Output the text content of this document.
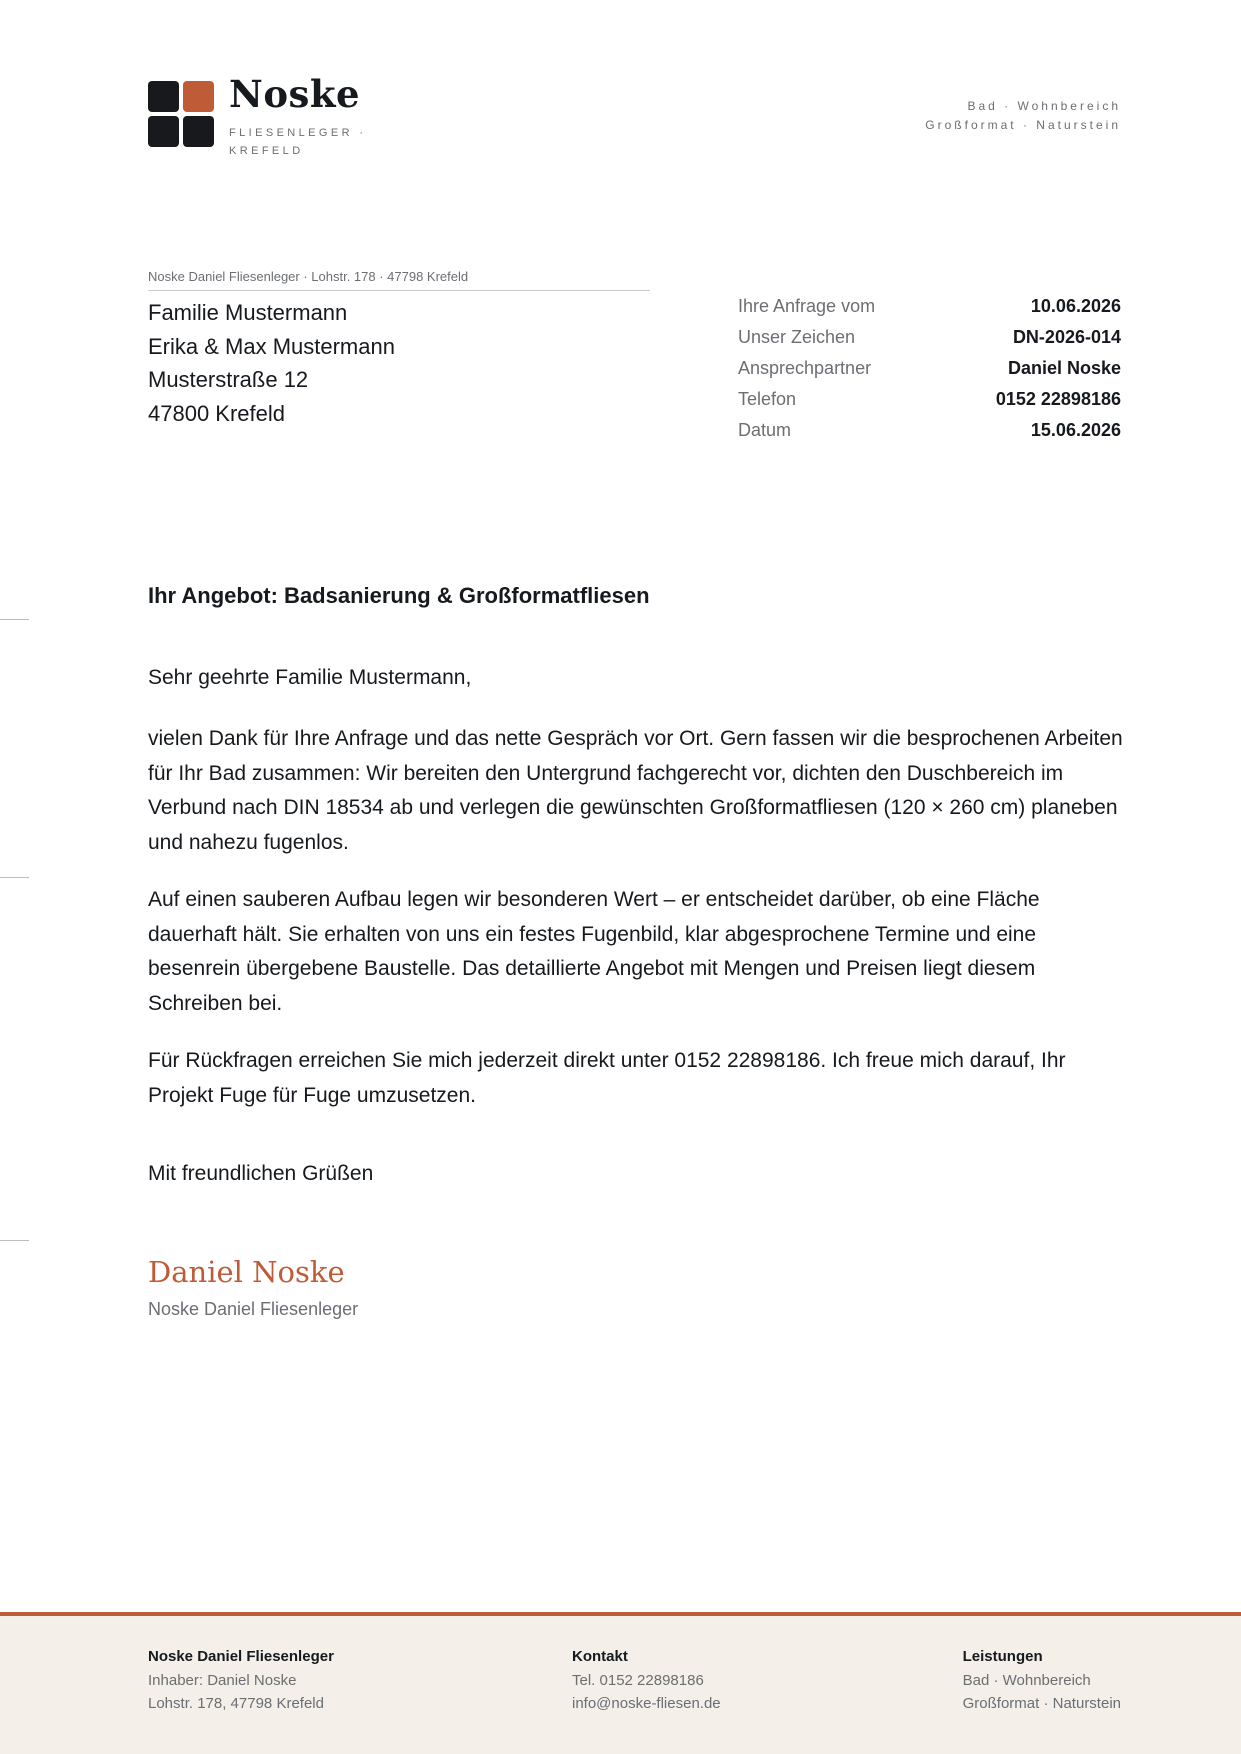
Noske
FLIESENLEGER · KREFELD
Bad · Wohnbereich
Großformat · Naturstein
Noske Daniel Fliesenleger · Lohstr. 178 · 47798 Krefeld
Familie Mustermann
Erika & Max Mustermann
Musterstraße 12
47800 Krefeld
Ihre Anfrage vom	10.06.2026
Unser Zeichen	DN-2026-014
Ansprechpartner	Daniel Noske
Telefon	0152 22898186
Datum	15.06.2026
Ihr Angebot: Badsanierung & Großformatfliesen
Sehr geehrte Familie Mustermann,

vielen Dank für Ihre Anfrage und das nette Gespräch vor Ort. Gern fassen wir die besprochenen Arbeiten für Ihr Bad zusammen: Wir bereiten den Untergrund fachgerecht vor, dichten den Duschbereich im Verbund nach DIN 18534 ab und verlegen die gewünschten Großformatfliesen (120 × 260 cm) planeben und nahezu fugenlos.

Auf einen sauberen Aufbau legen wir besonderen Wert – er entscheidet darüber, ob eine Fläche dauerhaft hält. Sie erhalten von uns ein festes Fugenbild, klar abgesprochene Termine und eine besenrein übergebene Baustelle. Das detaillierte Angebot mit Mengen und Preisen liegt diesem Schreiben bei.

Für Rückfragen erreichen Sie mich jederzeit direkt unter 0152 22898186. Ich freue mich darauf, Ihr Projekt Fuge für Fuge umzusetzen.

Mit freundlichen Grüßen
Daniel Noske
Noske Daniel Fliesenleger
Noske Daniel Fliesenleger
Inhaber: Daniel Noske
Lohstr. 178, 47798 Krefeld
Kontakt
Tel. 0152 22898186
info@noske-fliesen.de
Leistungen
Bad · Wohnbereich
Großformat · Naturstein
